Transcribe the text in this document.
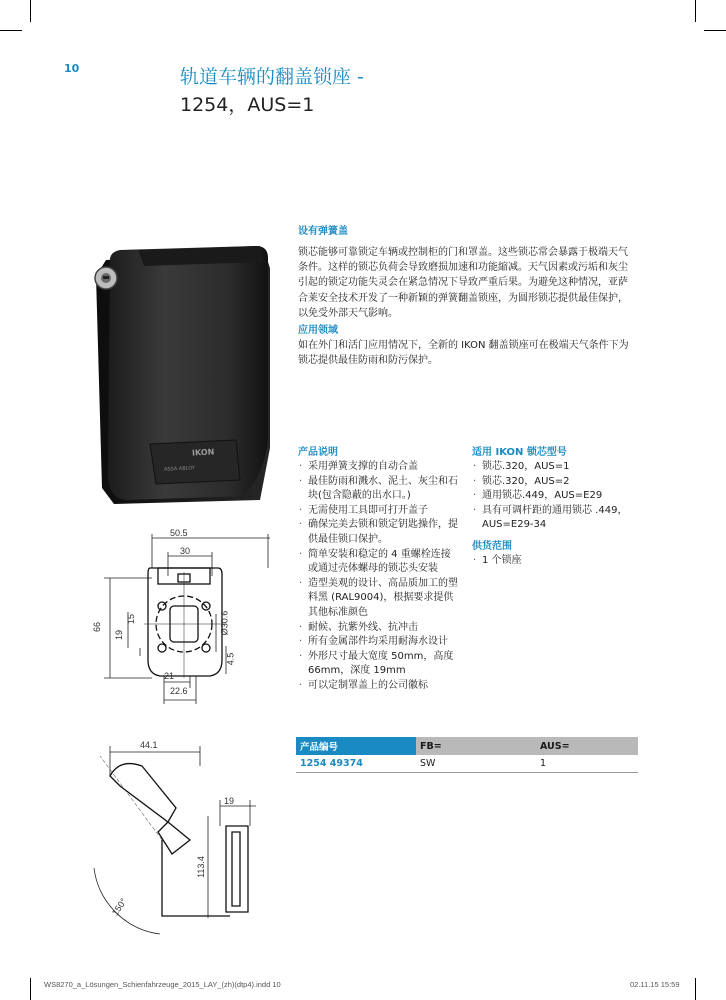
10	轨道车辆的翻盖锁座 -
1254，AUS=1
IKON
ASSA ABLOY
50.5
30
66
19
15	Ø30.6
4.5
21
22.6
44.1
19
113.4
150°
设有弹簧盖
锁芯能够可靠锁定车辆或控制柜的门和罩盖。这些锁芯常会暴露于极端天气条件。这样的锁芯负荷会导致磨损加速和功能縮减。天气因素或污垢和灰尘引起的锁定功能失灵会在紧急情况下导致严重后果。为避免这种情况，亚萨合莱安全技术开发了一种新颖的弹簧翻盖锁座，为圆形锁芯提供最佳保护，以免受外部天气影响。
应用领域
如在外门和活门应用情况下，全新的 IKON 翻盖锁座可在极端天气条件下为锁芯提供最佳防雨和防污保护。
产品说明
· 采用弹簧支撑的自动合盖
· 最佳防雨和溅水、泥土、灰尘和石块(包含隐蔽的出水口。)
· 无需使用工具即可打开盖子
· 确保完美去锁和锁定钥匙操作，提供最佳锁口保护。
· 简单安装和稳定的 4 重螺栓连接或通过壳体螺母的锁芯头安装
· 造型美观的设计、高品质加工的塑料黑 (RAL9004)，根据要求提供其他标准颜色
· 耐候、抗紫外线、抗冲击
· 所有金属部件均采用耐海水设计
· 外形尺寸最大宽度 50mm，高度 66mm，深度 19mm
· 可以定制罩盖上的公司徽标
适用 IKON 锁芯型号
· 锁芯.320，AUS=1
· 锁芯.320，AUS=2
· 通用锁芯.449，AUS=E29
· 具有可调杆距的通用锁芯 .449，AUS=E29-34
供货范围
· 1 个锁座
产品编号	FB=	AUS=
1254 49374	SW	1
WS8270_a_Lösungen_Schienfahrzeuge_2015_LAY_(zh)(dtp4).indd 10	02.11.15 15:59
